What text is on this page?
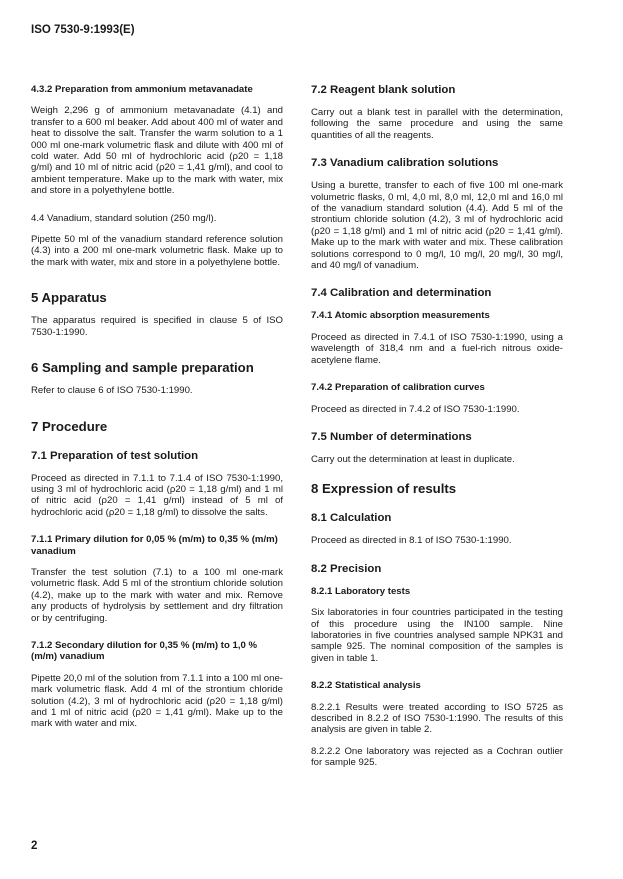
ISO 7530-9:1993(E)
4.3.2 Preparation from ammonium metavanadate

Weigh 2,296 g of ammonium metavanadate (4.1) and transfer to a 600 ml beaker. Add about 400 ml of water and heat to dissolve the salt. Transfer the warm solution to a 1 000 ml one-mark volumetric flask and dilute with 400 ml of cold water. Add 50 ml of hydrochloric acid (ρ20 = 1,18 g/ml) and 10 ml of nitric acid (ρ20 = 1,41 g/ml), and cool to ambient temperature. Make up to the mark with water, mix and store in a polyethylene bottle.

4.4 Vanadium, standard solution (250 mg/l).

Pipette 50 ml of the vanadium standard reference solution (4.3) into a 200 ml one-mark volumetric flask. Make up to the mark with water, mix and store in a polyethylene bottle.

5 Apparatus

The apparatus required is specified in clause 5 of ISO 7530-1:1990.

6 Sampling and sample preparation

Refer to clause 6 of ISO 7530-1:1990.

7 Procedure
7.1 Preparation of test solution

Proceed as directed in 7.1.1 to 7.1.4 of ISO 7530-1:1990, using 3 ml of hydrochloric acid (ρ20 = 1,18 g/ml) and 1 ml of nitric acid (ρ20 = 1,41 g/ml) instead of 5 ml of hydrochloric acid (ρ20 = 1,18 g/ml) to dissolve the salts.

7.1.1 Primary dilution for 0,05 % (m/m) to 0,35 % (m/m) vanadium

Transfer the test solution (7.1) to a 100 ml one-mark volumetric flask. Add 5 ml of the strontium chloride solution (4.2), make up to the mark with water and mix. Remove any products of hydrolysis by settlement and dry filtration or by centrifuging.

7.1.2 Secondary dilution for 0,35 % (m/m) to 1,0 % (m/m) vanadium

Pipette 20,0 ml of the solution from 7.1.1 into a 100 ml one-mark volumetric flask. Add 4 ml of the strontium chloride solution (4.2), 3 ml of hydrochloric acid (ρ20 = 1,18 g/ml) and 1 ml of nitric acid (ρ20 = 1,41 g/ml). Make up to the mark with water and mix.

7.2 Reagent blank solution

Carry out a blank test in parallel with the determination, following the same procedure and using the same quantities of all the reagents.

7.3 Vanadium calibration solutions

Using a burette, transfer to each of five 100 ml one-mark volumetric flasks, 0 ml, 4,0 ml, 8,0 ml, 12,0 ml and 16,0 ml of the vanadium standard solution (4.4). Add 5 ml of the strontium chloride solution (4.2), 3 ml of hydrochloric acid (ρ20 = 1,18 g/ml) and 1 ml of nitric acid (ρ20 = 1,41 g/ml). Make up to the mark with water and mix. These calibration solutions correspond to 0 mg/l, 10 mg/l, 20 mg/l, 30 mg/l, and 40 mg/l of vanadium.

7.4 Calibration and determination
7.4.1 Atomic absorption measurements

Proceed as directed in 7.4.1 of ISO 7530-1:1990, using a wavelength of 318,4 nm and a fuel-rich nitrous oxide-acetylene flame.

7.4.2 Preparation of calibration curves

Proceed as directed in 7.4.2 of ISO 7530-1:1990.

7.5 Number of determinations

Carry out the determination at least in duplicate.

8 Expression of results
8.1 Calculation

Proceed as directed in 8.1 of ISO 7530-1:1990.

8.2 Precision
8.2.1 Laboratory tests

Six laboratories in four countries participated in the testing of this procedure using the IN100 sample. Nine laboratories in five countries analysed sample NPK31 and sample 925. The nominal composition of the samples is given in table 1.

8.2.2 Statistical analysis

8.2.2.1 Results were treated according to ISO 5725 as described in 8.2.2 of ISO 7530-1:1990. The results of this analysis are given in table 2.

8.2.2.2 One laboratory was rejected as a Cochran outlier for sample 925.

2
